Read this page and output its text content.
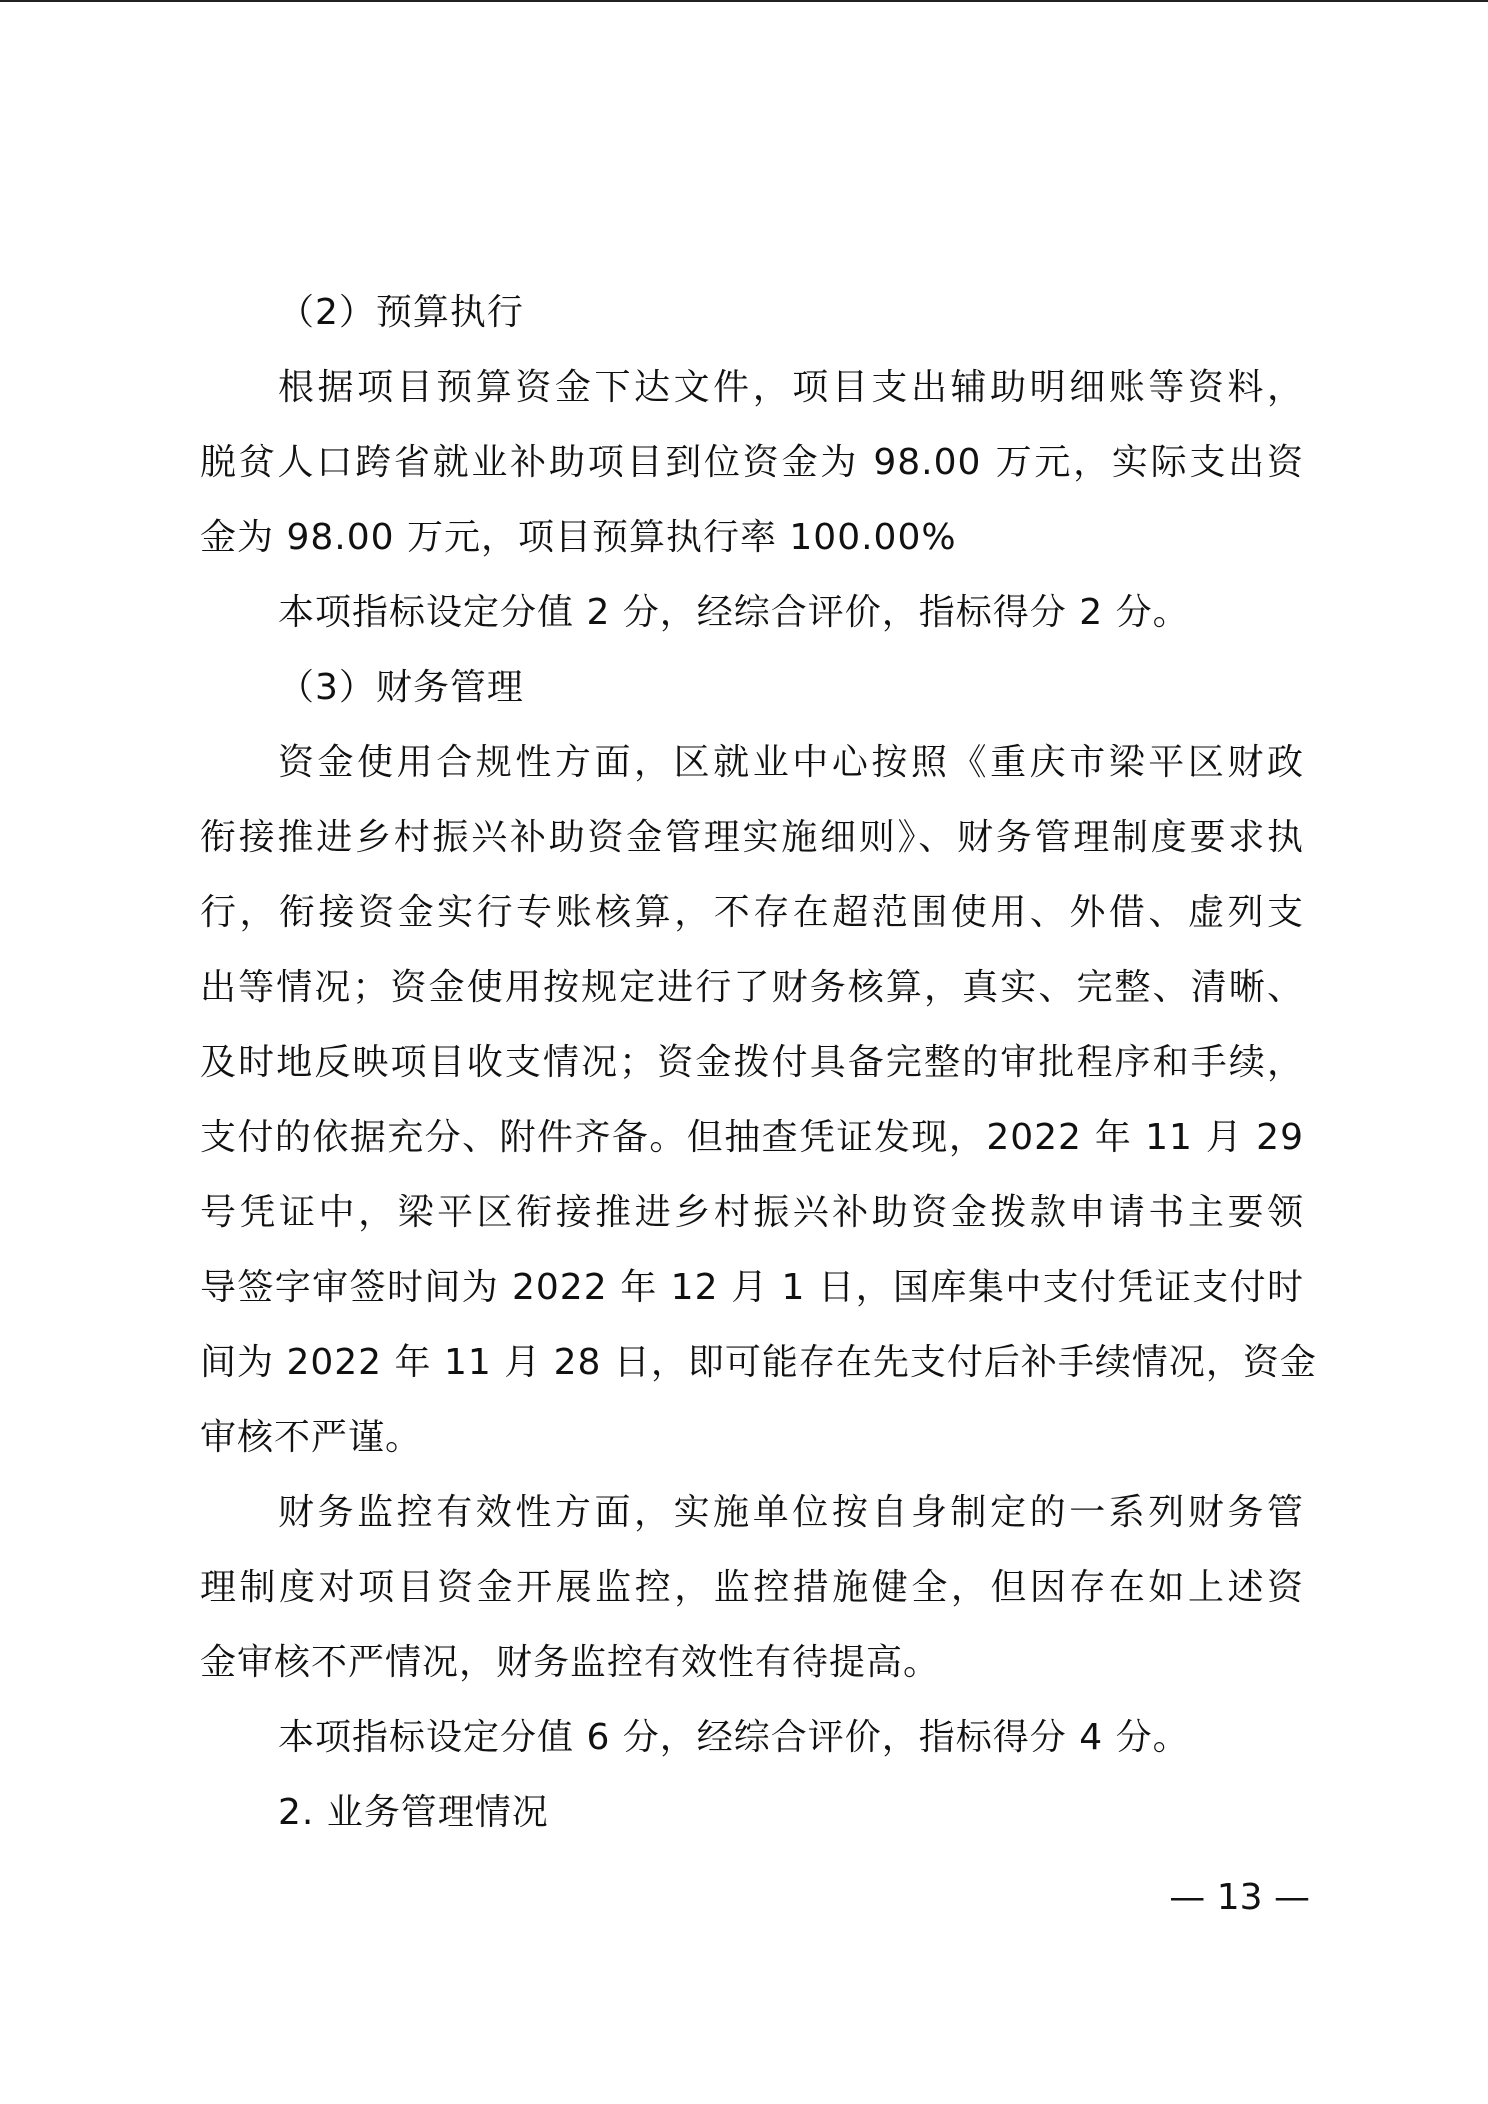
（2）预算执行
根据项目预算资金下达文件，项目支出辅助明细账等资料，
脱贫人口跨省就业补助项目到位资金为 98.00 万元，实际支出资
金为 98.00 万元，项目预算执行率 100.00%
本项指标设定分值 2 分，经综合评价，指标得分 2 分。
（3）财务管理
资金使用合规性方面，区就业中心按照《重庆市梁平区财政
衔接推进乡村振兴补助资金管理实施细则》、财务管理制度要求执
行，衔接资金实行专账核算，不存在超范围使用、外借、虚列支
出等情况；资金使用按规定进行了财务核算，真实、完整、清晰、
及时地反映项目收支情况；资金拨付具备完整的审批程序和手续，
支付的依据充分、附件齐备。但抽查凭证发现，2022 年 11 月 29
号凭证中，梁平区衔接推进乡村振兴补助资金拨款申请书主要领
导签字审签时间为 2022 年 12 月 1 日，国库集中支付凭证支付时
间为 2022 年 11 月 28 日，即可能存在先支付后补手续情况，资金
审核不严谨。
财务监控有效性方面，实施单位按自身制定的一系列财务管
理制度对项目资金开展监控，监控措施健全，但因存在如上述资
金审核不严情况，财务监控有效性有待提高。
本项指标设定分值 6 分，经综合评价，指标得分 4 分。
2. 业务管理情况
— 13 —
